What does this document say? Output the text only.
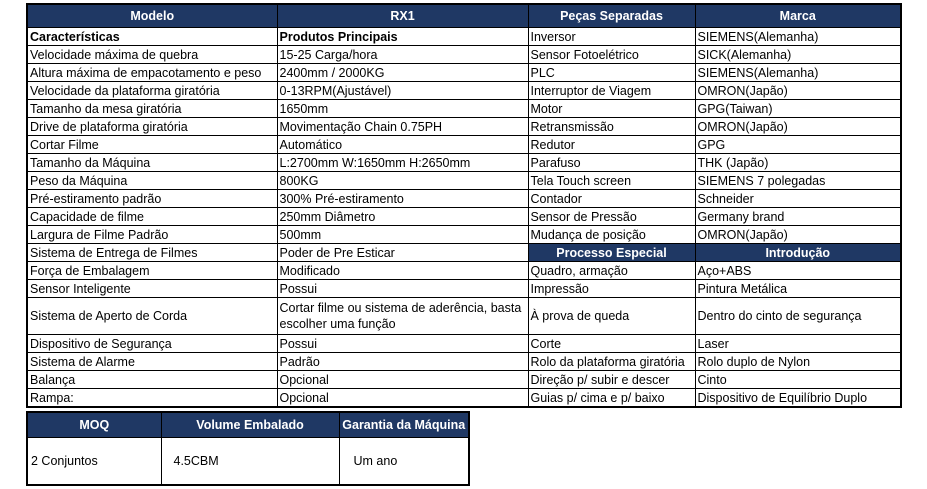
Modelo	RX1	Peças Separadas	Marca
Características	Produtos Principais	Inversor	SIEMENS(Alemanha)
Velocidade máxima de quebra	15-25 Carga/hora	Sensor Fotoelétrico	SICK(Alemanha)
Altura máxima de empacotamento e peso	2400mm / 2000KG	PLC	SIEMENS(Alemanha)
Velocidade da plataforma giratória	0-13RPM(Ajustável)	Interruptor de Viagem	OMRON(Japão)
Tamanho da mesa giratória	1650mm	Motor	GPG(Taiwan)
Drive de plataforma giratória	Movimentação Chain 0.75PH	Retransmissão	OMRON(Japão)
Cortar Filme	Automático	Redutor	GPG
Tamanho da Máquina	L:2700mm W:1650mm H:2650mm	Parafuso	THK (Japão)
Peso da Máquina	800KG	Tela Touch screen	SIEMENS 7 polegadas
Pré-estiramento padrão	300% Pré-estiramento	Contador	Schneider
Capacidade de filme	250mm Diâmetro	Sensor de Pressão	Germany brand
Largura de Filme Padrão	500mm	Mudança de posição	OMRON(Japão)
Sistema de Entrega de Filmes	Poder de Pre Esticar	Processo Especial	Introdução
Força de Embalagem	Modificado	Quadro, armação	Aço+ABS
Sensor Inteligente	Possui	Impressão	Pintura Metálica
Sistema de Aperto de Corda	Cortar filme ou sistema de aderência, basta escolher uma função	À prova de queda	Dentro do cinto de segurança
Dispositivo de Segurança	Possui	Corte	Laser
Sistema de Alarme	Padrão	Rolo da plataforma giratória	Rolo duplo de Nylon
Balança	Opcional	Direção p/ subir e descer	Cinto
Rampa:	Opcional	Guias p/ cima e p/ baixo	Dispositivo de Equilíbrio Duplo
MOQ	Volume Embalado	Garantia da Máquina
2 Conjuntos	4.5CBM	Um ano
